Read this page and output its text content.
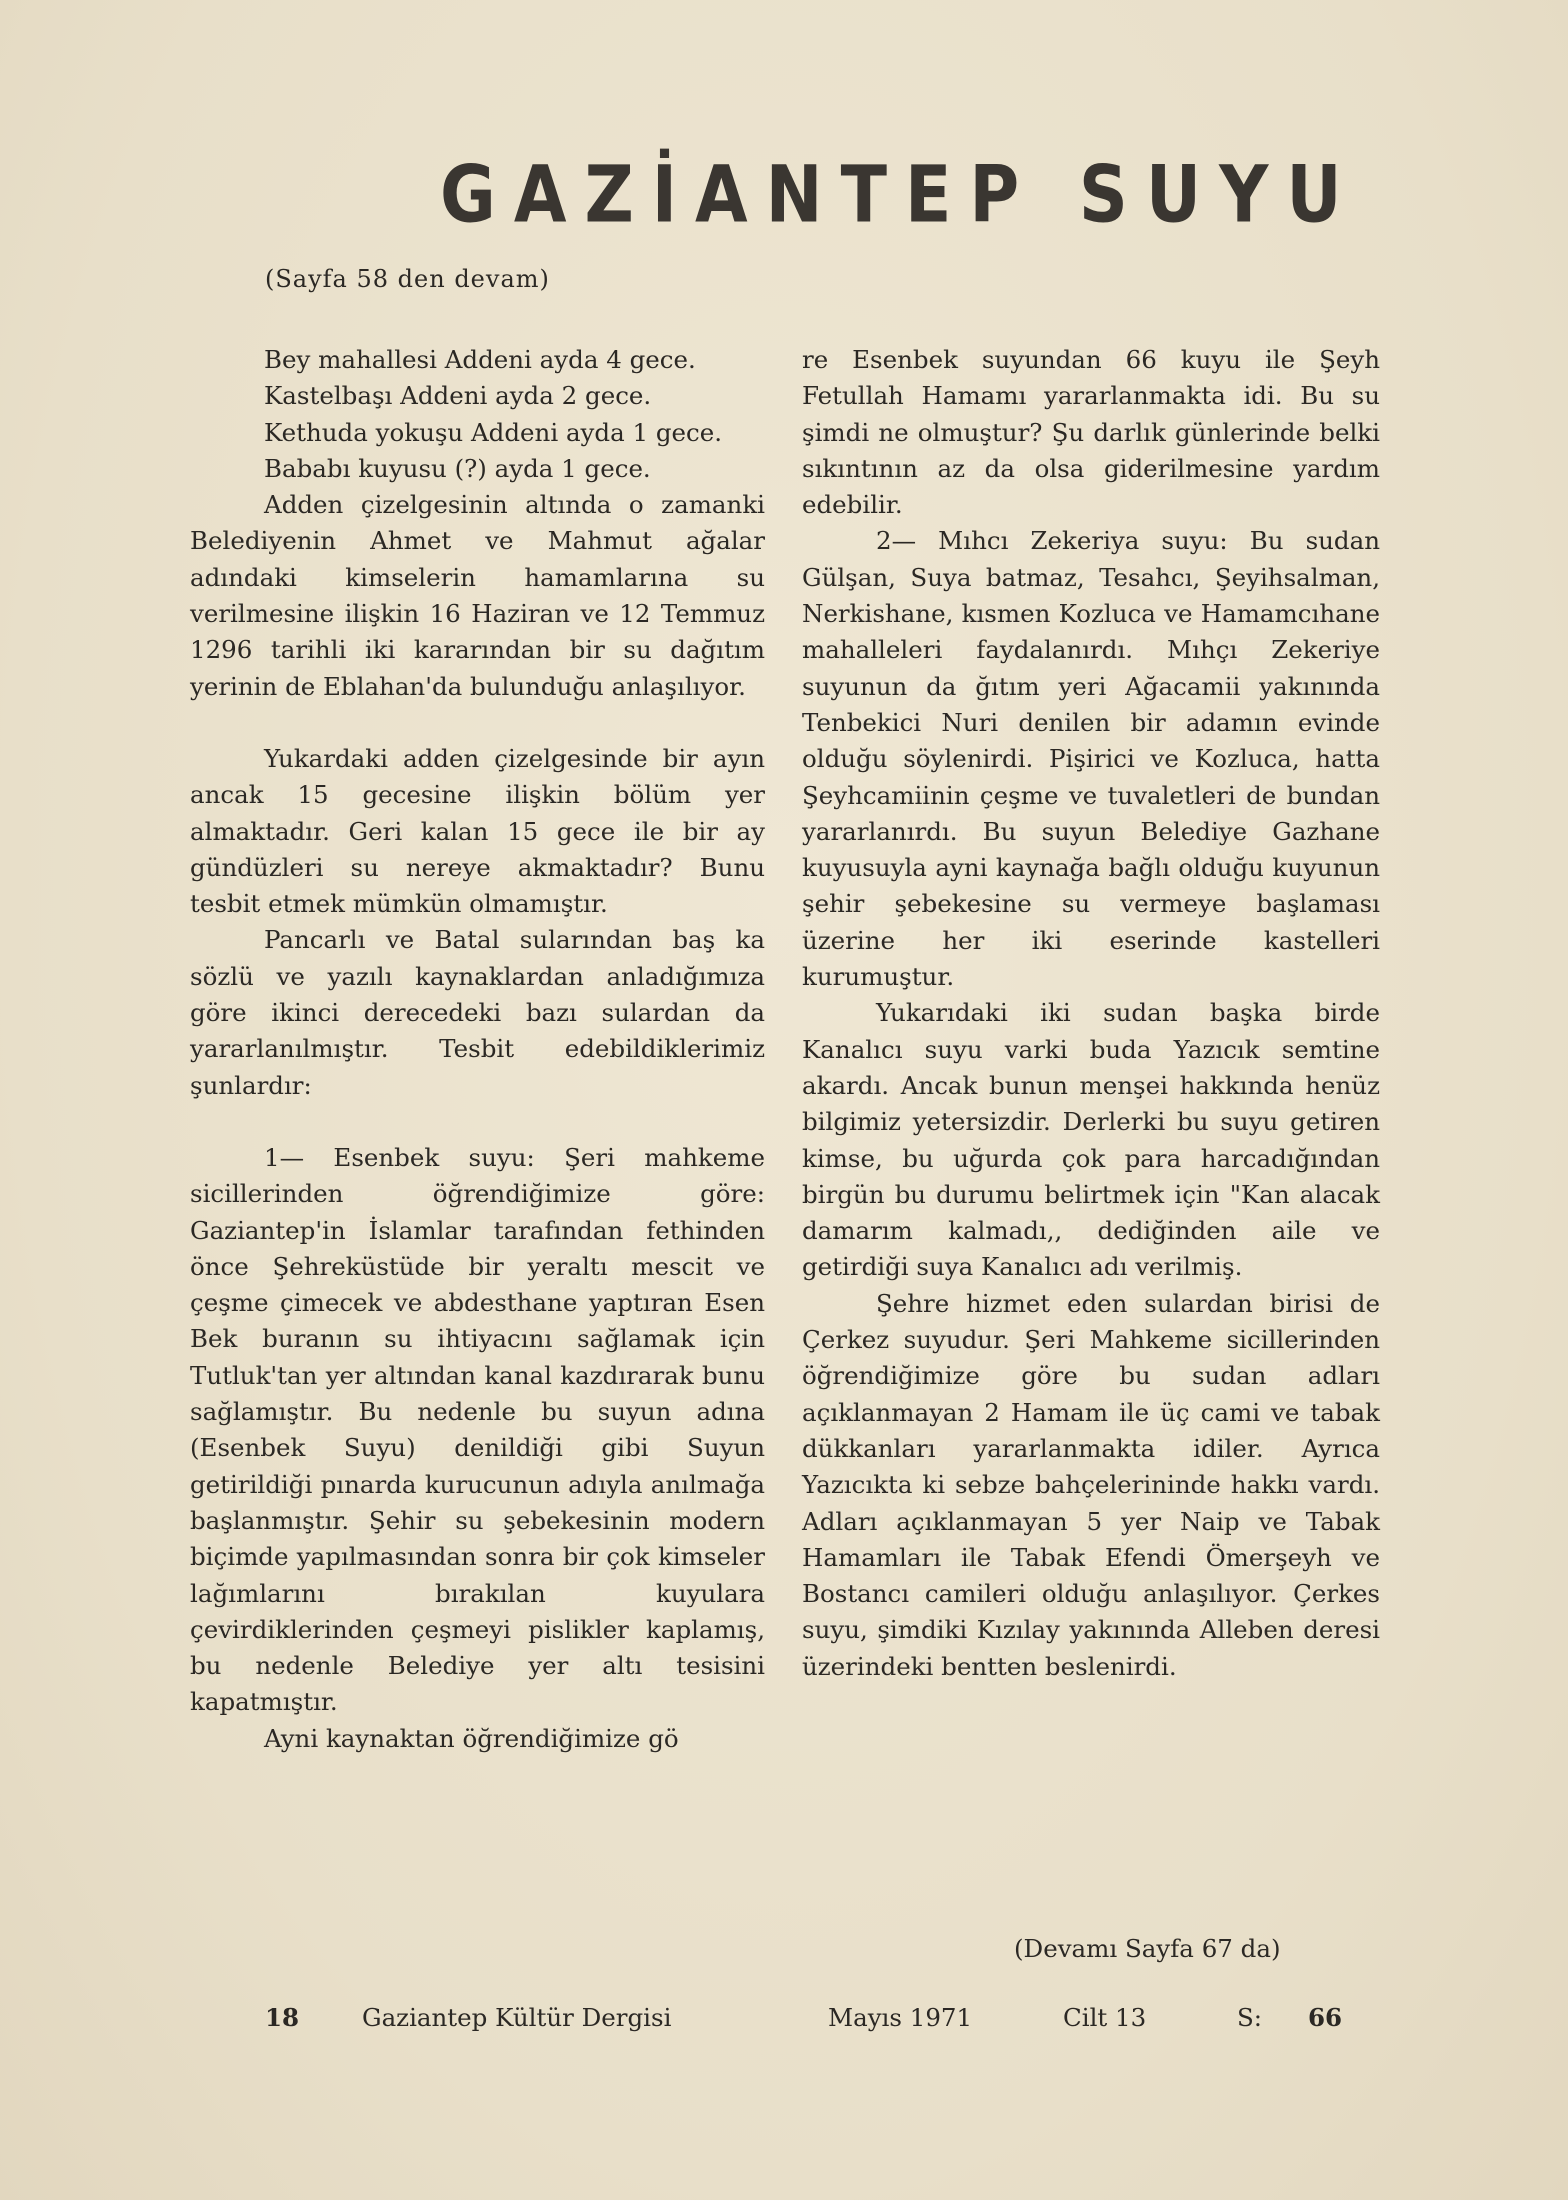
GAZİANTEP SUYU
(Sayfa 58 den devam)

Bey mahallesi Addeni ayda 4 gece.

Kastelbaşı Addeni ayda 2 gece.

Kethuda yokuşu Addeni ayda 1 gece.

Bababı kuyusu (?) ayda 1 gece.

Adden çizelgesinin altında o zamanki Belediyenin Ahmet ve Mahmut ağalar adındaki kimselerin hamamlarına su verilmesine ilişkin 16 Haziran ve 12 Temmuz 1296 tarihli iki kararından bir su dağıtım yerinin de Eblahan'da bulunduğu anlaşılıyor.

Yukardaki adden çizelgesinde bir ayın ancak 15 gecesine ilişkin bölüm yer almaktadır. Geri kalan 15 gece ile bir ay gündüzleri su nereye akmaktadır? Bunu tesbit etmek mümkün olmamıştır.

Pancarlı ve Batal sularından baş ka sözlü ve yazılı kaynaklardan anladığımıza göre ikinci derecedeki bazı sulardan da yararlanılmıştır. Tesbit edebildiklerimiz şunlardır:

1— Esenbek suyu: Şeri mahkeme sicillerinden öğrendiğimize göre: Gaziantep'in İslamlar tarafından fethinden önce Şehreküstüde bir yeraltı mescit ve çeşme çimecek ve abdesthane yaptıran Esen Bek buranın su ihtiyacını sağlamak için Tutluk'tan yer altından kanal kazdırarak bunu sağlamıştır. Bu nedenle bu suyun adına (Esenbek Suyu) denildiği gibi Suyun getirildiği pınarda kurucunun adıyla anılmağa başlanmıştır. Şehir su şebekesinin modern biçimde yapılmasından sonra bir çok kimseler lağımlarını bırakılan kuyulara çevirdiklerinden çeşmeyi pislikler kaplamış, bu nedenle Belediye yer altı tesisini kapatmıştır.

Ayni kaynaktan öğrendiğimize gö

re Esenbek suyundan 66 kuyu ile Şeyh Fetullah Hamamı yararlanmakta idi. Bu su şimdi ne olmuştur? Şu darlık günlerinde belki sıkıntının az da olsa giderilmesine yardım edebilir.

2— Mıhcı Zekeriya suyu: Bu sudan Gülşan, Suya batmaz, Tesahcı, Şeyihsalman, Nerkishane, kısmen Kozluca ve Hamamcıhane mahalleleri faydalanırdı. Mıhçı Zekeriye suyunun da ğıtım yeri Ağacamii yakınında Tenbekici Nuri denilen bir adamın evinde olduğu söylenirdi. Pişirici ve Kozluca, hatta Şeyhcamiinin çeşme ve tuvaletleri de bundan yararlanırdı. Bu suyun Belediye Gazhane kuyusuyla ayni kaynağa bağlı olduğu kuyunun şehir şebekesine su vermeye başlaması üzerine her iki eserinde kastelleri kurumuştur.

Yukarıdaki iki sudan başka birde Kanalıcı suyu varki buda Yazıcık semtine akardı. Ancak bunun menşei hakkında henüz bilgimiz yetersizdir. Derlerki bu suyu getiren kimse, bu uğurda çok para harcadığından birgün bu durumu belirtmek için "Kan alacak damarım kalmadı,, dediğinden aile ve getirdiği suya Kanalıcı adı verilmiş.

Şehre hizmet eden sulardan birisi de Çerkez suyudur. Şeri Mahkeme sicillerinden öğrendiğimize göre bu sudan adları açıklanmayan 2 Hamam ile üç cami ve tabak dükkanları yararlanmakta idiler. Ayrıca Yazıcıkta ki sebze bahçelerininde hakkı vardı. Adları açıklanmayan 5 yer Naip ve Tabak Hamamları ile Tabak Efendi Ömerşeyh ve Bostancı camileri olduğu anlaşılıyor. Çerkes suyu, şimdiki Kızılay yakınında Alleben deresi üzerindeki bentten beslenirdi.

(Devamı Sayfa 67 da)
18	Gaziantep Kültür Dergisi	Mayıs 1971	Cilt 13	S: 66
